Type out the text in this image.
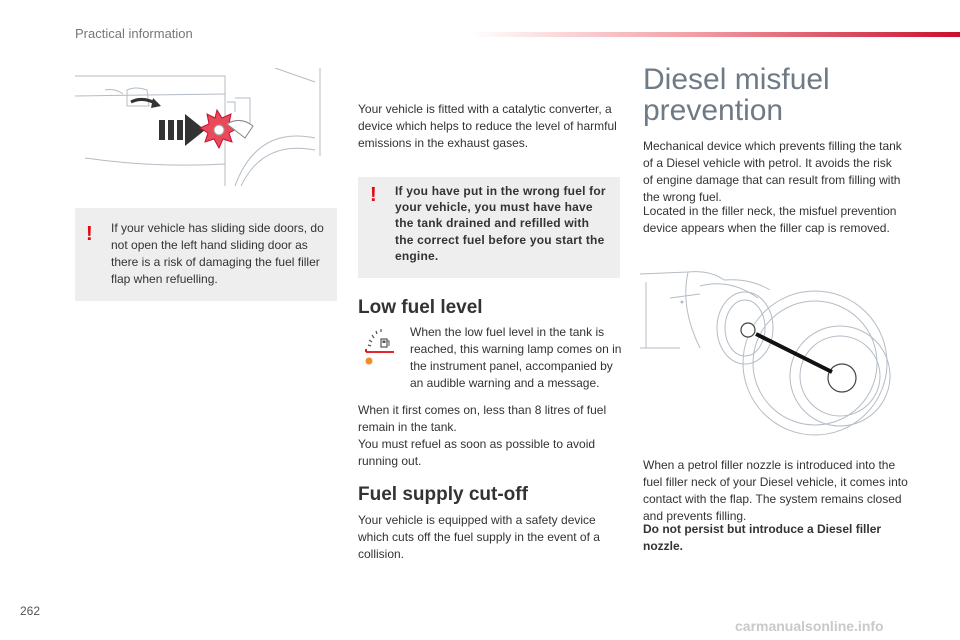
Practical information
! If your vehicle has sliding side doors, do not open the left hand sliding door as there is a risk of damaging the fuel filler flap when refuelling.
Your vehicle is fitted with a catalytic converter, a device which helps to reduce the level of harmful emissions in the exhaust gases.
! If you have put in the wrong fuel for your vehicle, you must have have the tank drained and refilled with the correct fuel before you start the engine.
Low fuel level
When the low fuel level in the tank is reached, this warning lamp comes on in the instrument panel, accompanied by an audible warning and a message.
When it first comes on, less than 8 litres of fuel remain in the tank.
You must refuel as soon as possible to avoid running out.
Fuel supply cut-off
Your vehicle is equipped with a safety device which cuts off the fuel supply in the event of a collision.
Diesel misfuel
prevention
Mechanical device which prevents filling the tank of a Diesel vehicle with petrol. It avoids the risk of engine damage that can result from filling with the wrong fuel.
Located in the filler neck, the misfuel prevention device appears when the filler cap is removed.
When a petrol filler nozzle is introduced into the fuel filler neck of your Diesel vehicle, it comes into contact with the flap. The system remains closed and prevents filling.
Do not persist but introduce a Diesel filler nozzle.
262
carmanualsonline.info
